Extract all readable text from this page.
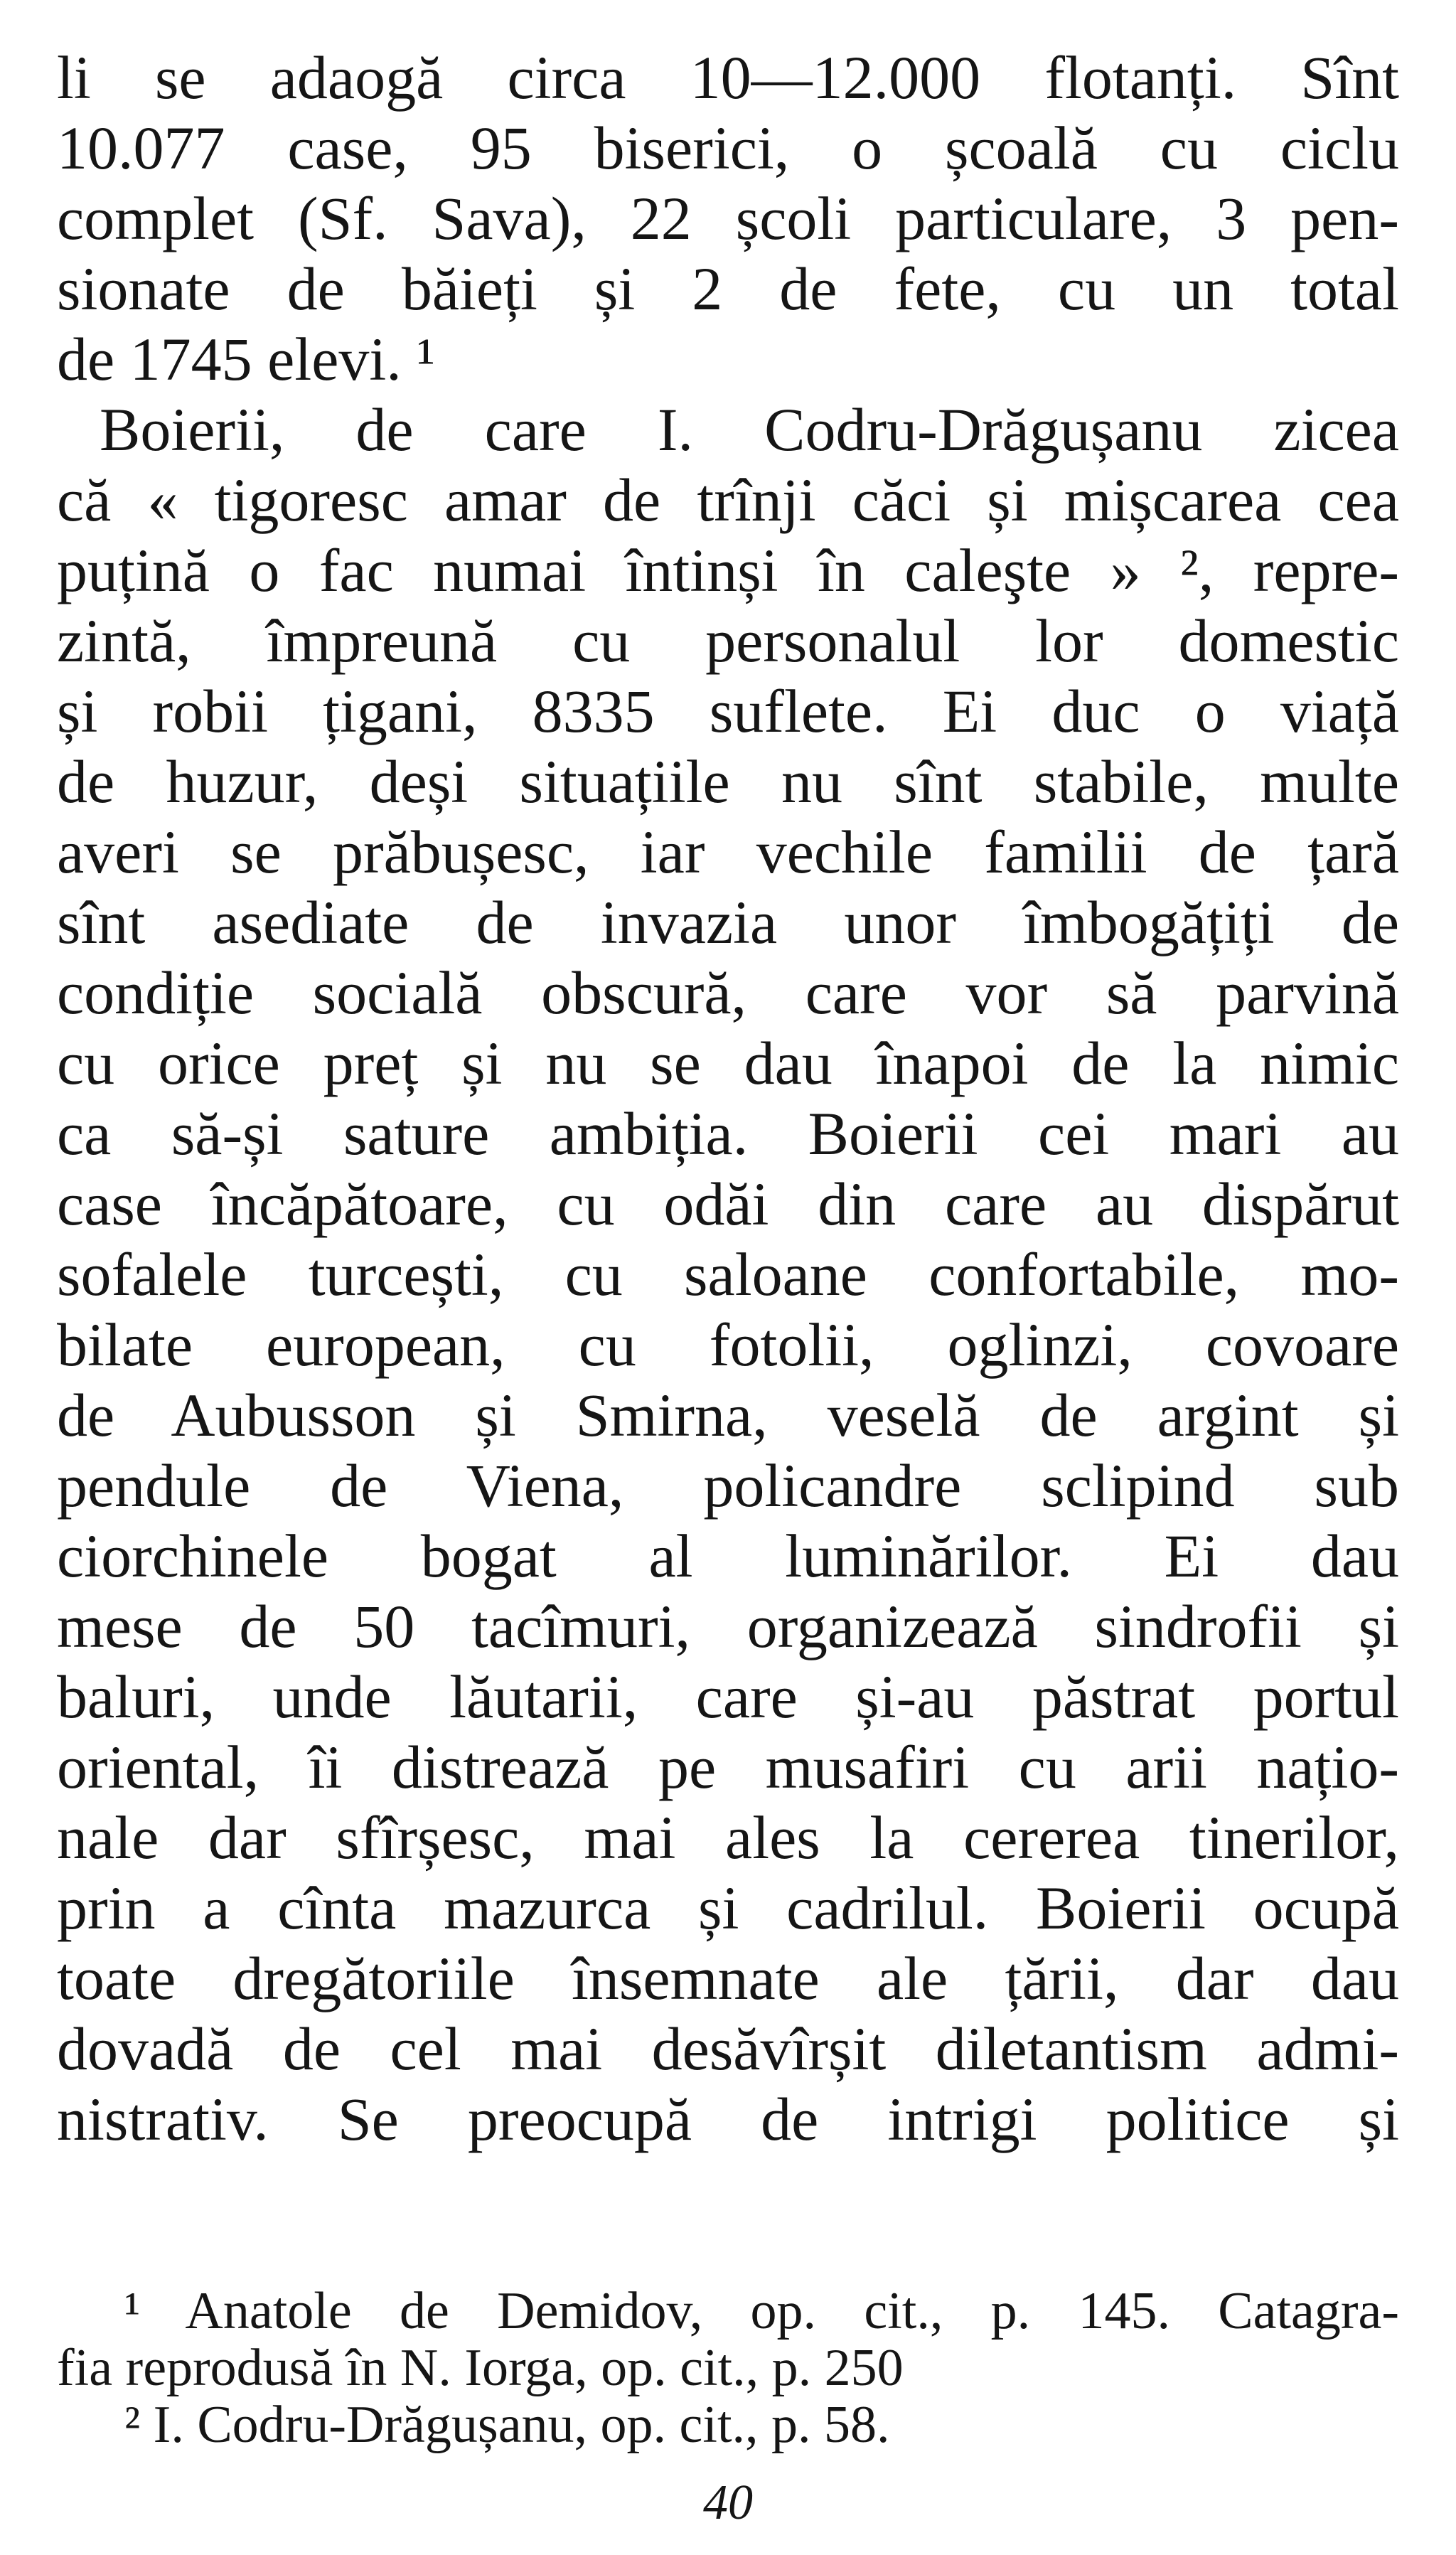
li se adaogă circa 10—12.000 flotanți. Sînt
10.077 case, 95 biserici, o școală cu ciclu
complet (Sf. Sava), 22 școli particulare, 3 pen-
sionate de băieți și 2 de fete, cu un total
de 1745 elevi. ¹
Boierii, de care I. Codru-Drăgușanu zicea
că « tigoresc amar de trînji căci și mișcarea cea
puțină o fac numai întinși în caleşte » ², repre-
zintă, împreună cu personalul lor domestic
și robii țigani, 8335 suflete. Ei duc o viață
de huzur, deși situațiile nu sînt stabile, multe
averi se prăbușesc, iar vechile familii de țară
sînt asediate de invazia unor îmbogățiți de
condiție socială obscură, care vor să parvină
cu orice preț și nu se dau înapoi de la nimic
ca să-și sature ambiția. Boierii cei mari au
case încăpătoare, cu odăi din care au dispărut
sofalele turcești, cu saloane confortabile, mo-
bilate european, cu fotolii, oglinzi, covoare
de Aubusson și Smirna, veselă de argint și
pendule de Viena, policandre sclipind sub
ciorchinele bogat al luminărilor. Ei dau
mese de 50 tacîmuri, organizează sindrofii și
baluri, unde lăutarii, care și-au păstrat portul
oriental, îi distrează pe musafiri cu arii națio-
nale dar sfîrșesc, mai ales la cererea tinerilor,
prin a cînta mazurca și cadrilul. Boierii ocupă
toate dregătoriile însemnate ale țării, dar dau
dovadă de cel mai desăvîrșit diletantism admi-
nistrativ. Se preocupă de intrigi politice și
¹ Anatole de Demidov, op. cit., p. 145. Catagra-
fia reprodusă în N. Iorga, op. cit., p. 250
² I. Codru-Drăgușanu, op. cit., p. 58.
40
